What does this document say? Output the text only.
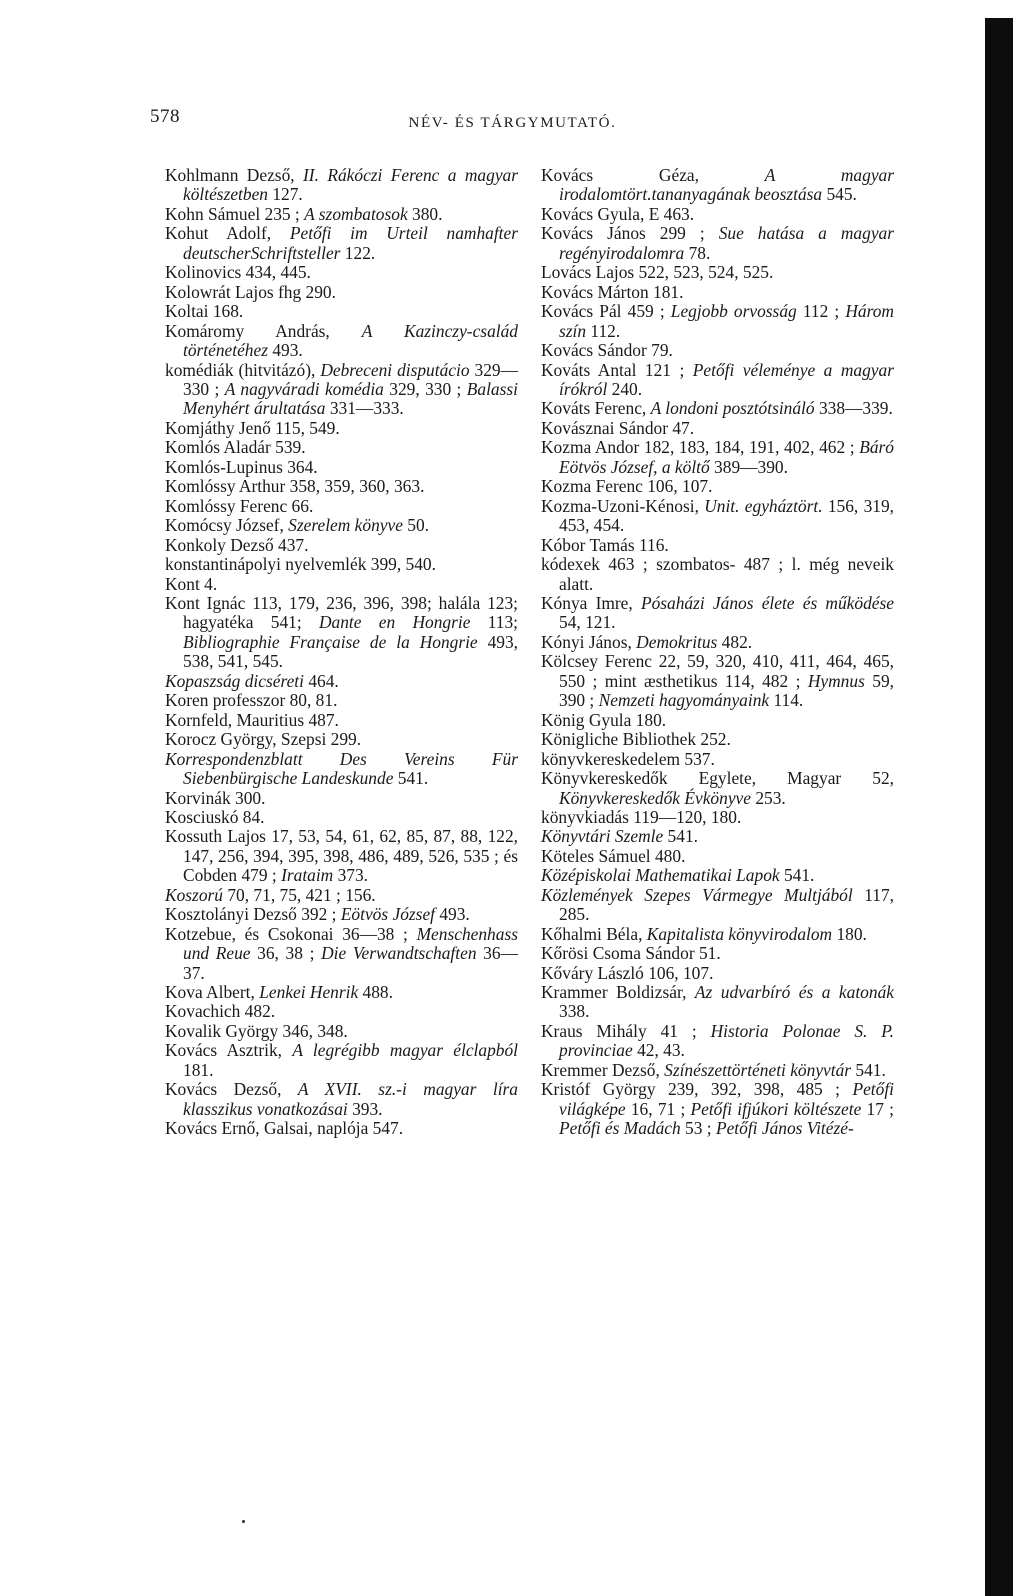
578	NÉV- ÉS TÁRGYMUTATÓ.

Kohlmann Dezső, II. Rákóczi Ferenc a magyar költészetben 127.

Kohn Sámuel 235 ; A szombatosok 380.

Kohut Adolf, Petőfi im Urteil namhafter deutscherSchriftsteller 122.

Kolinovics 434, 445.

Kolowrát Lajos fhg 290.

Koltai 168.

Komáromy András, A Kazinczy-család történetéhez 493.

komédiák (hitvitázó), Debreceni disputácio 329—330 ; A nagyváradi komédia 329, 330 ; Balassi Menyhért árultatása 331—333.

Komjáthy Jenő 115, 549.

Komlós Aladár 539.

Komlós-Lupinus 364.

Komlóssy Arthur 358, 359, 360, 363.

Komlóssy Ferenc 66.

Komócsy József, Szerelem könyve 50.

Konkoly Dezső 437.

konstantinápolyi nyelvemlék 399, 540.

Kont 4.

Kont Ignác 113, 179, 236, 396, 398; halála 123; hagyatéka 541; Dante en Hongrie 113; Bibliographie Française de la Hongrie 493, 538, 541, 545.

Kopaszság dicséreti 464.

Koren professzor 80, 81.

Kornfeld, Mauritius 487.

Korocz György, Szepsi 299.

Korrespondenzblatt Des Vereins Für Siebenbürgische Landeskunde 541.

Korvinák 300.

Kosciuskó 84.

Kossuth Lajos 17, 53, 54, 61, 62, 85, 87, 88, 122, 147, 256, 394, 395, 398, 486, 489, 526, 535 ; és Cobden 479 ; Irataim 373.

Koszorú 70, 71, 75, 421 ; 156.

Kosztolányi Dezső 392 ; Eötvös József 493.

Kotzebue, és Csokonai 36—38 ; Menschenhass und Reue 36, 38 ; Die Verwandtschaften 36—37.

Kova Albert, Lenkei Henrik 488.

Kovachich 482.

Kovalik György 346, 348.

Kovács Asztrik, A legrégibb magyar élclapból 181.

Kovács Dezső, A XVII. sz.-i magyar líra klasszikus vonatkozásai 393.

Kovács Ernő, Galsai, naplója 547.

Kovács Géza, A magyar irodalomtört.tananyagának beosztása 545.

Kovács Gyula, E 463.

Kovács János 299 ; Sue hatása a magyar regényirodalomra 78.

Lovács Lajos 522, 523, 524, 525.

Kovács Márton 181.

Kovács Pál 459 ; Legjobb orvosság 112 ; Három szín 112.

Kovács Sándor 79.

Kováts Antal 121 ; Petőfi véleménye a magyar írókról 240.

Kováts Ferenc, A londoni posztótsináló 338—339.

Kovásznai Sándor 47.

Kozma Andor 182, 183, 184, 191, 402, 462 ; Báró Eötvös József, a költő 389—390.

Kozma Ferenc 106, 107.

Kozma-Uzoni-Kénosi, Unit. egyháztört. 156, 319, 453, 454.

Kóbor Tamás 116.

kódexek 463 ; szombatos- 487 ; l. még neveik alatt.

Kónya Imre, Pósaházi János élete és működése 54, 121.

Kónyi János, Demokritus 482.

Kölcsey Ferenc 22, 59, 320, 410, 411, 464, 465, 550 ; mint æsthetikus 114, 482 ; Hymnus 59, 390 ; Nemzeti hagyományaink 114.

König Gyula 180.

Königliche Bibliothek 252.

könyvkereskedelem 537.

Könyvkereskedők Egylete, Magyar 52, Könyvkereskedők Évkönyve 253.

könyvkiadás 119—120, 180.

Könyvtári Szemle 541.

Köteles Sámuel 480.

Középiskolai Mathematikai Lapok 541.

Közlemények Szepes Vármegye Multjából 117, 285.

Kőhalmi Béla, Kapitalista könyvirodalom 180.

Kőrösi Csoma Sándor 51.

Kőváry László 106, 107.

Krammer Boldizsár, Az udvarbíró és a katonák 338.

Kraus Mihály 41 ; Historia Polonae S. P. provinciae 42, 43.

Kremmer Dezső, Színészettörténeti könyvtár 541.

Kristóf György 239, 392, 398, 485 ; Petőfi világképe 16, 71 ; Petőfi ifjúkori költészete 17 ; Petőfi és Madách 53 ; Petőfi János Vitézé-
